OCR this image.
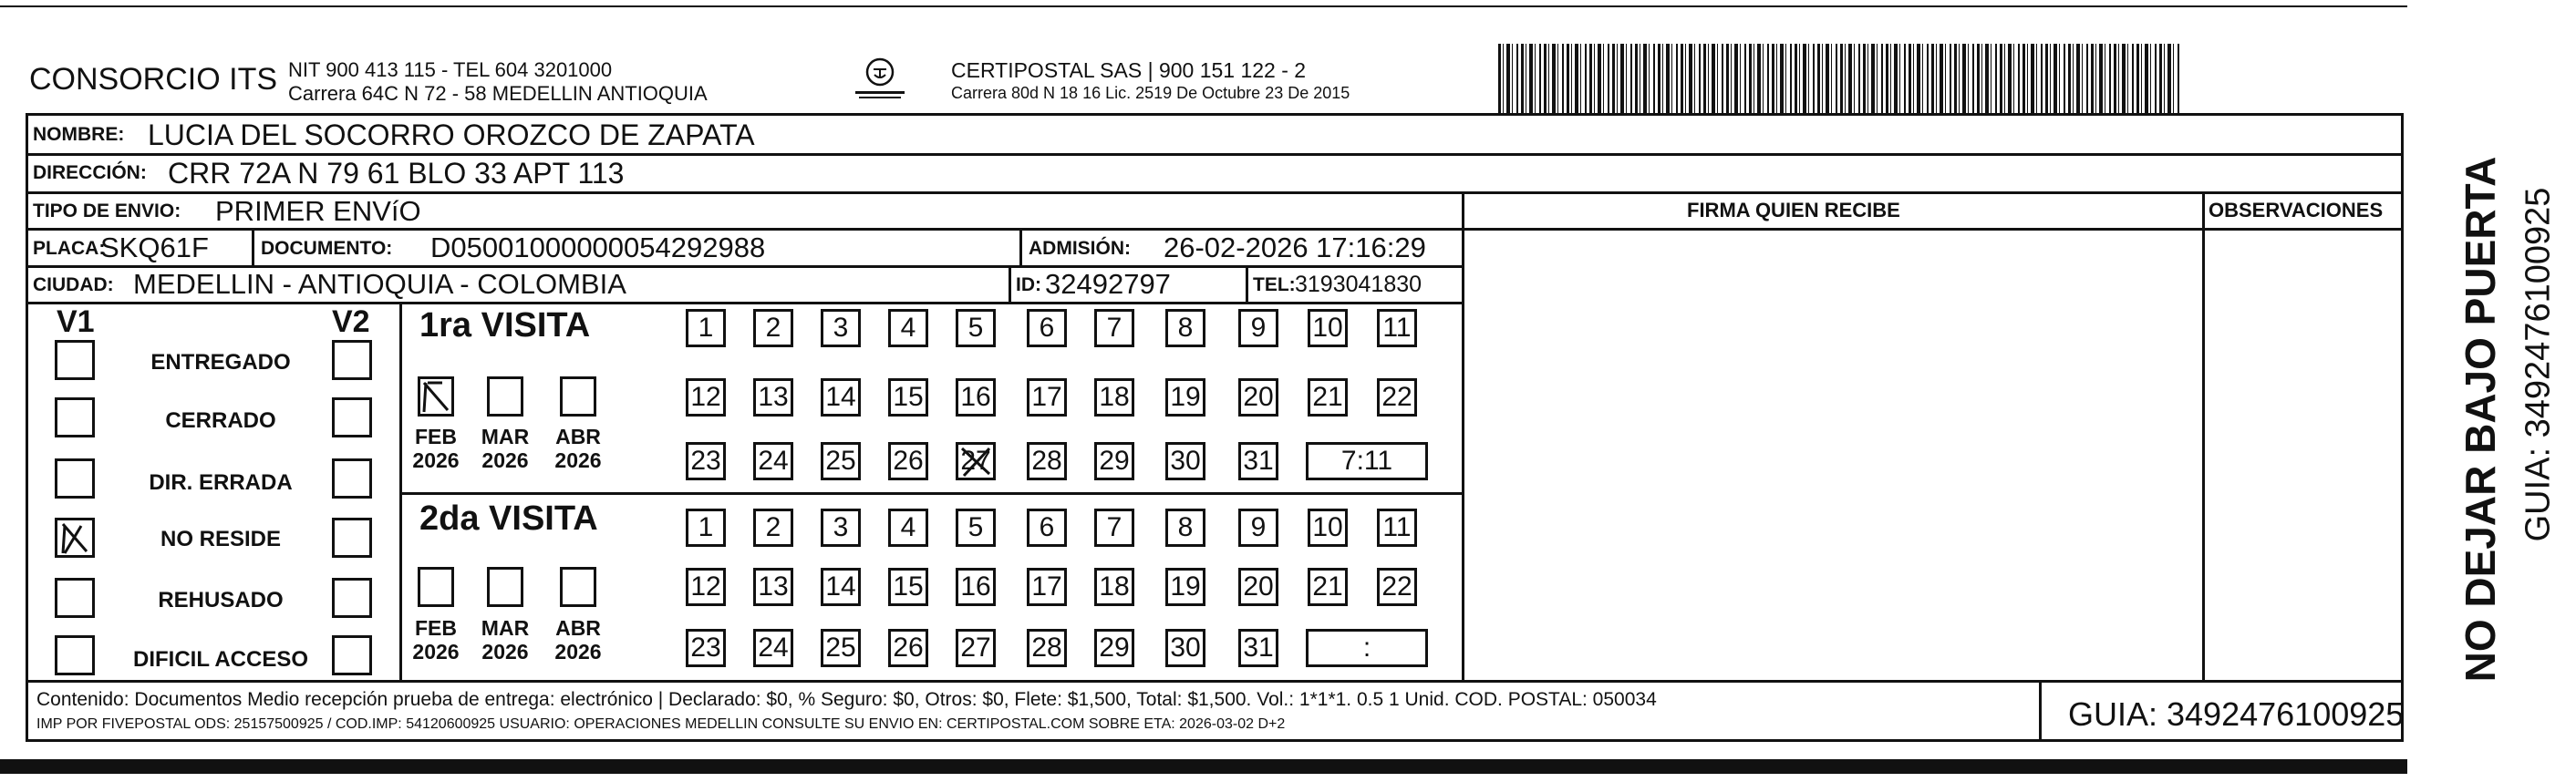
CONSORCIO ITS NIT 900 413 115 - TEL 604 3201000
Carrera 64C N 72 - 58 MEDELLIN ANTIOQUIA
CERTIPOSTAL SAS | 900 151 122 - 2
Carrera 80d N 18 16 Lic. 2519 De Octubre 23 De 2015
NOMBRE: LUCIA DEL SOCORRO OROZCO DE ZAPATA
DIRECCIÓN: CRR 72A N 79 61 BLO 33 APT 113
TIPO DE ENVIO: PRIMER ENVíO	FIRMA QUIEN RECIBE	OBSERVACIONES
PLACA:
SKQ61F	DOCUMENTO: D05001000000054292988	ADMISIÓN: 26-02-2026 17:16:29
CIUDAD: MEDELLIN - ANTIOQUIA - COLOMBIA	ID: 32492797	TEL: 3193041830
V1	V2
ENTREGADO
CERRADO
DIR. ERRADA
NO RESIDE
REHUSADO
DIFICIL ACCESO
1ra VISITA
2da VISITA
FEB
2026
MAR
2026
ABR
2026
FEB
2026
MAR
2026
ABR
2026
1	2	3	4	5	6	7	8	9	10 11
12 13 14 15 16 17 18 19 20 21 22
23 24 25 26 27 28 29 30 31	7:11
1	2	3	4	5	6	7	8	9	10 11
12 13 14 15 16 17 18 19 20 21 22
23 24 25 26 27 28 29 30 31	:
Contenido: Documentos Medio recepción prueba de entrega: electrónico | Declarado: $0, % Seguro: $0, Otros: $0, Flete: $1,500, Total: $1,500. Vol.: 1*1*1. 0.5 1 Unid. COD. POSTAL: 050034
IMP POR FIVEPOSTAL ODS: 25157500925 / COD.IMP: 54120600925 USUARIO: OPERACIONES MEDELLIN CONSULTE SU ENVIO EN: CERTIPOSTAL.COM SOBRE ETA: 2026-03-02 D+2	GUIA: 3492476100925
NO DEJAR BAJO PUERTA GUIA: 3492476100925
